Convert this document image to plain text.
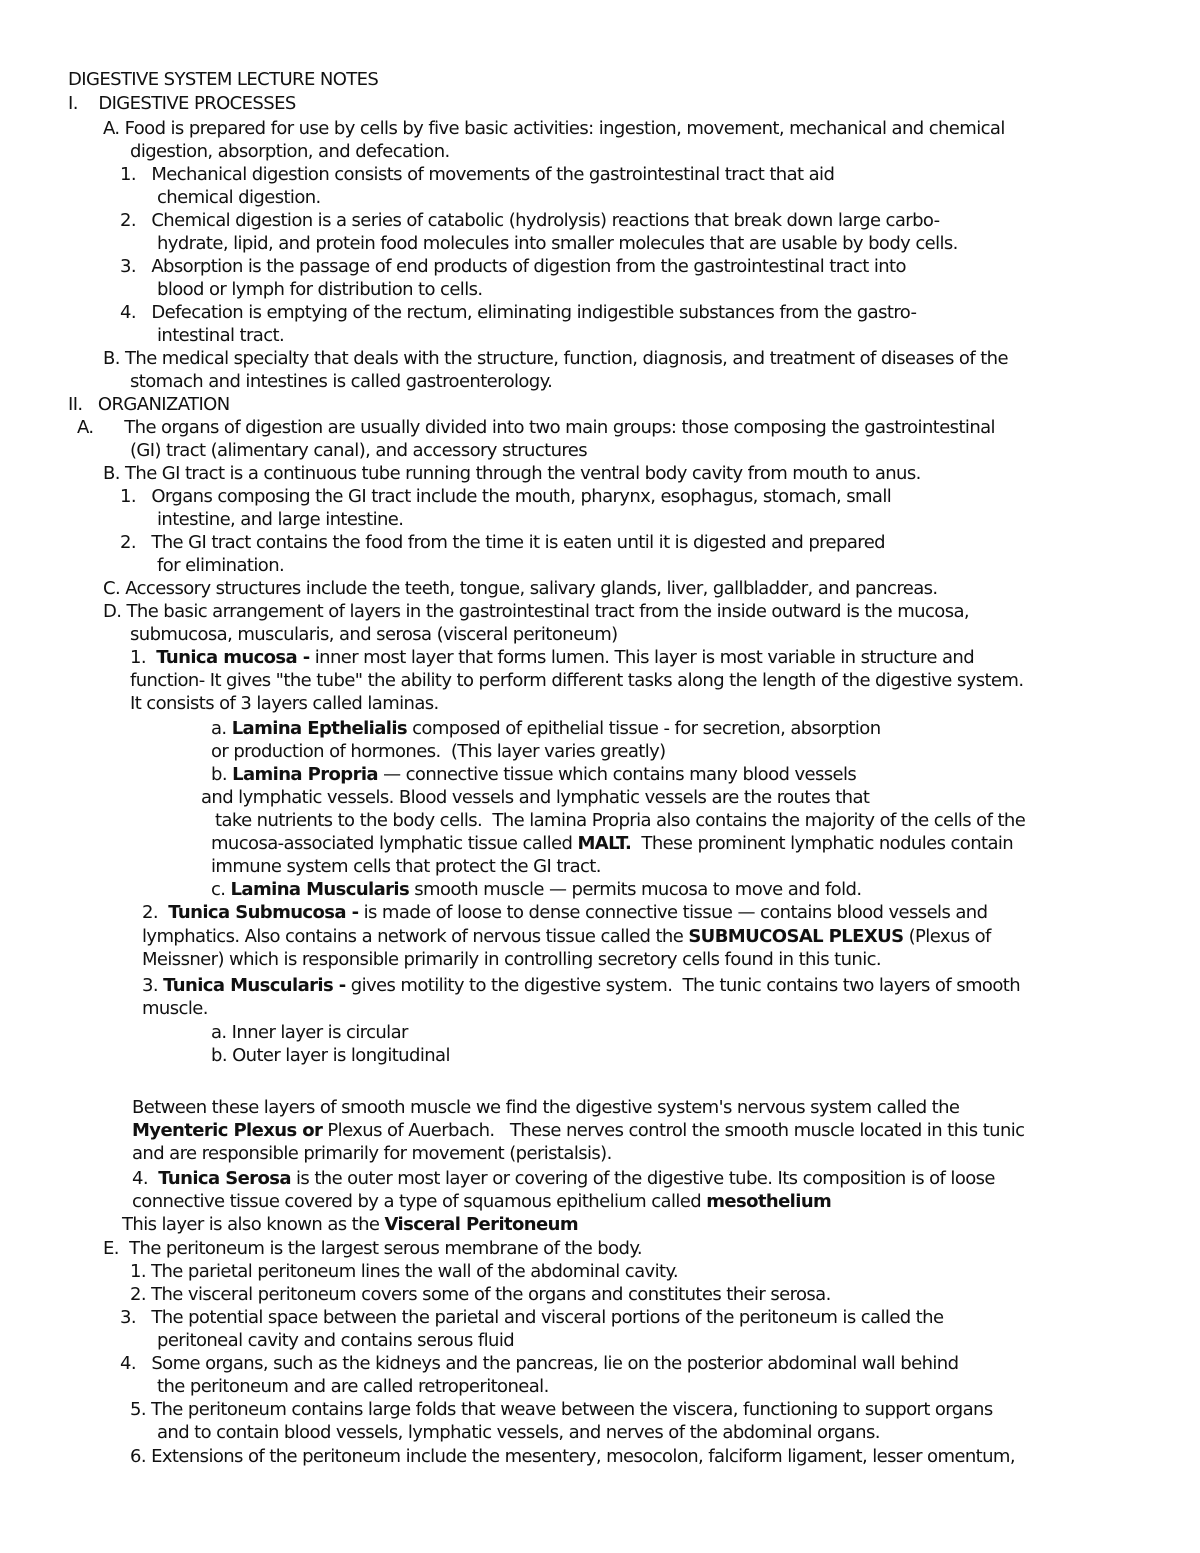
DIGESTIVE SYSTEM LECTURE NOTES
I.    DIGESTIVE PROCESSES
A. Food is prepared for use by cells by five basic activities: ingestion, movement, mechanical and chemical
digestion, absorption, and defecation.
1.   Mechanical digestion consists of movements of the gastrointestinal tract that aid
chemical digestion.
2.   Chemical digestion is a series of catabolic (hydrolysis) reactions that break down large carbo-
hydrate, lipid, and protein food molecules into smaller molecules that are usable by body cells.
3.   Absorption is the passage of end products of digestion from the gastrointestinal tract into
blood or lymph for distribution to cells.
4.   Defecation is emptying of the rectum, eliminating indigestible substances from the gastro-
intestinal tract.
B. The medical specialty that deals with the structure, function, diagnosis, and treatment of diseases of the
stomach and intestines is called gastroenterology.
II.   ORGANIZATION
A.      The organs of digestion are usually divided into two main groups: those composing the gastrointestinal
(GI) tract (alimentary canal), and accessory structures
B. The GI tract is a continuous tube running through the ventral body cavity from mouth to anus.
1.   Organs composing the GI tract include the mouth, pharynx, esophagus, stomach, small
intestine, and large intestine.
2.   The GI tract contains the food from the time it is eaten until it is digested and prepared
for elimination.
C. Accessory structures include the teeth, tongue, salivary glands, liver, gallbladder, and pancreas.
D. The basic arrangement of layers in the gastrointestinal tract from the inside outward is the mucosa,
submucosa, muscularis, and serosa (visceral peritoneum)
1.  Tunica mucosa - inner most layer that forms lumen. This layer is most variable in structure and
function- It gives "the tube" the ability to perform different tasks along the length of the digestive system.
It consists of 3 layers called laminas.
a. Lamina Epthelialis composed of epithelial tissue - for secretion, absorption
or production of hormones.  (This layer varies greatly)
b. Lamina Propria — connective tissue which contains many blood vessels
and lymphatic vessels. Blood vessels and lymphatic vessels are the routes that
take nutrients to the body cells.  The lamina Propria also contains the majority of the cells of the
mucosa-associated lymphatic tissue called MALT.  These prominent lymphatic nodules contain
immune system cells that protect the GI tract.
c. Lamina Muscularis smooth muscle — permits mucosa to move and fold.
2.  Tunica Submucosa - is made of loose to dense connective tissue — contains blood vessels and
lymphatics. Also contains a network of nervous tissue called the SUBMUCOSAL PLEXUS (Plexus of
Meissner) which is responsible primarily in controlling secretory cells found in this tunic.
3. Tunica Muscularis - gives motility to the digestive system.  The tunic contains two layers of smooth
muscle.
a. Inner layer is circular
b. Outer layer is longitudinal
Between these layers of smooth muscle we find the digestive system's nervous system called the
Myenteric Plexus or Plexus of Auerbach.   These nerves control the smooth muscle located in this tunic
and are responsible primarily for movement (peristalsis).
4.  Tunica Serosa is the outer most layer or covering of the digestive tube. Its composition is of loose
connective tissue covered by a type of squamous epithelium called mesothelium
This layer is also known as the Visceral Peritoneum
E.  The peritoneum is the largest serous membrane of the body.
1. The parietal peritoneum lines the wall of the abdominal cavity.
2. The visceral peritoneum covers some of the organs and constitutes their serosa.
3.   The potential space between the parietal and visceral portions of the peritoneum is called the
peritoneal cavity and contains serous fluid
4.   Some organs, such as the kidneys and the pancreas, lie on the posterior abdominal wall behind
the peritoneum and are called retroperitoneal.
5. The peritoneum contains large folds that weave between the viscera, functioning to support organs
and to contain blood vessels, lymphatic vessels, and nerves of the abdominal organs.
6. Extensions of the peritoneum include the mesentery, mesocolon, falciform ligament, lesser omentum,
